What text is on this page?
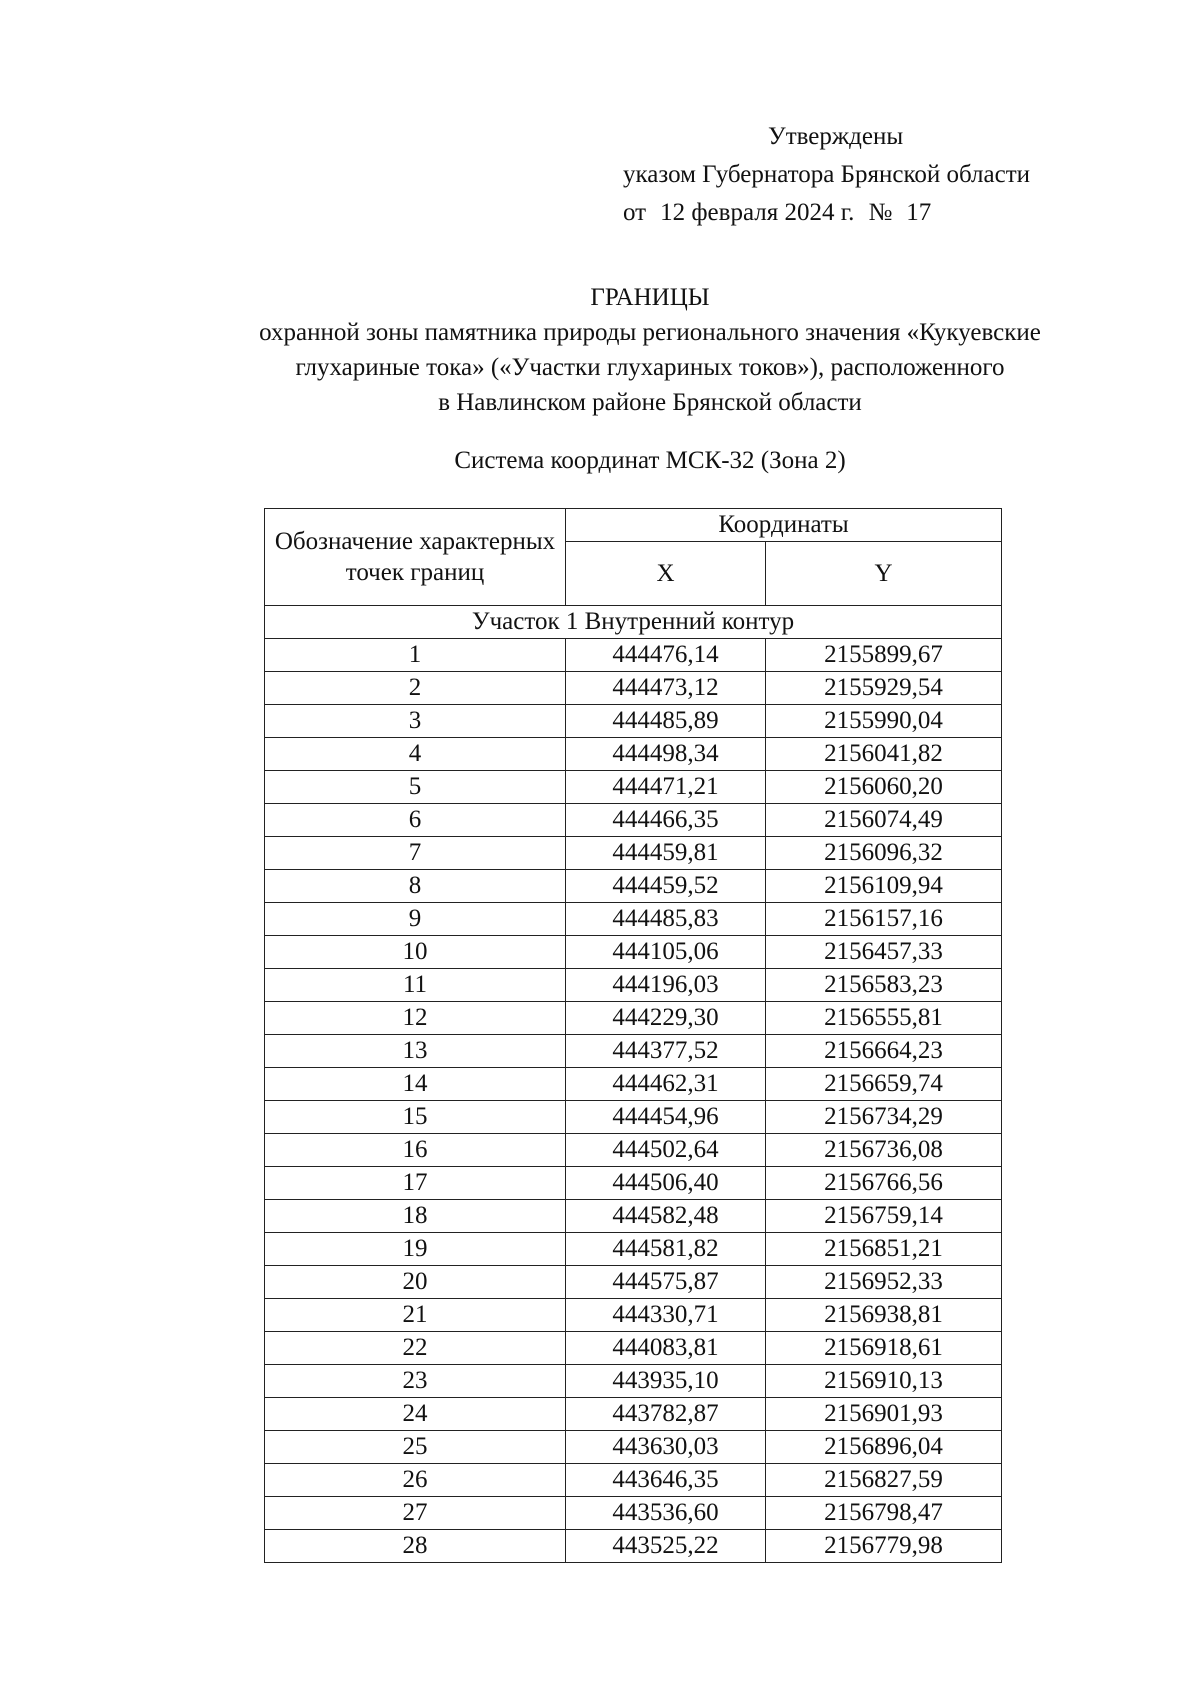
Утверждены
указом Губернатора Брянской области
от 12 февраля 2024 г. № 17
ГРАНИЦЫ
охранной зоны памятника природы регионального значения «Кукуевские
глухариные тока» («Участки глухариных токов»), расположенного
в Навлинском районе Брянской области
Система координат МСК-32 (Зона 2)
Обозначение характерных точек границ	Координаты	
	X	Y
Участок 1 Внутренний контур		
1	444476,14	2155899,67
2	444473,12	2155929,54
3	444485,89	2155990,04
4	444498,34	2156041,82
5	444471,21	2156060,20
6	444466,35	2156074,49
7	444459,81	2156096,32
8	444459,52	2156109,94
9	444485,83	2156157,16
10	444105,06	2156457,33
11	444196,03	2156583,23
12	444229,30	2156555,81
13	444377,52	2156664,23
14	444462,31	2156659,74
15	444454,96	2156734,29
16	444502,64	2156736,08
17	444506,40	2156766,56
18	444582,48	2156759,14
19	444581,82	2156851,21
20	444575,87	2156952,33
21	444330,71	2156938,81
22	444083,81	2156918,61
23	443935,10	2156910,13
24	443782,87	2156901,93
25	443630,03	2156896,04
26	443646,35	2156827,59
27	443536,60	2156798,47
28	443525,22	2156779,98
